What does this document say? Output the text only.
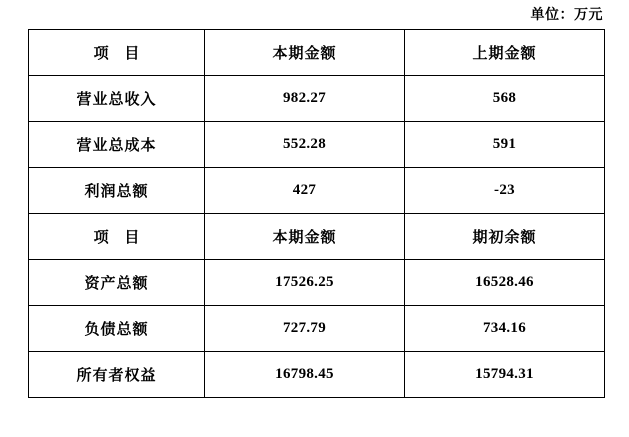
单位：万元
项 目	本期金额	上期金额
营业总收入	982.27	568
营业总成本	552.28	591
利润总额	427	-23
项 目	本期金额	期初余额
资产总额	17526.25	16528.46
负债总额	727.79	734.16
所有者权益	16798.45	15794.31
